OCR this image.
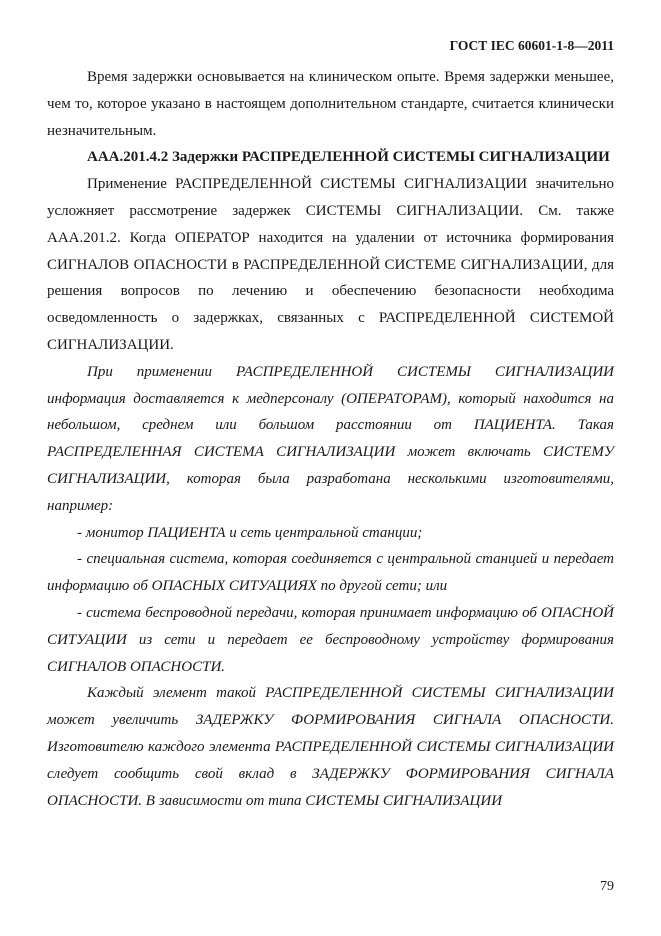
ГОСТ IEC 60601-1-8—2011

Время задержки основывается на клиническом опыте. Время задержки меньшее, чем то, которое указано в настоящем дополнительном стандарте, считается клинически незначительным.

ААА.201.4.2 Задержки РАСПРЕДЕЛЕННОЙ СИСТЕМЫ СИГНАЛИЗАЦИИ

Применение РАСПРЕДЕЛЕННОЙ СИСТЕМЫ СИГНАЛИЗАЦИИ значительно усложняет рассмотрение задержек СИСТЕМЫ СИГНАЛИЗАЦИИ. См. также ААА.201.2. Когда ОПЕРАТОР находится на удалении от источника формирования СИГНАЛОВ ОПАСНОСТИ в РАСПРЕДЕЛЕННОЙ СИСТЕМЕ СИГНАЛИЗАЦИИ, для решения вопросов по лечению и обеспечению безопасности необходима осведомленность о задержках, связанных с РАСПРЕДЕЛЕННОЙ СИСТЕМОЙ СИГНАЛИЗАЦИИ.

При применении РАСПРЕДЕЛЕННОЙ СИСТЕМЫ СИГНАЛИЗАЦИИ информация доставляется к медперсоналу (ОПЕРАТОРАМ), который находится на небольшом, среднем или большом расстоянии от ПАЦИЕНТА. Такая РАСПРЕДЕЛЕННАЯ СИСТЕМА СИГНАЛИЗАЦИИ может включать СИСТЕМУ СИГНАЛИЗАЦИИ, которая была разработана несколькими изготовителями, например:

- монитор ПАЦИЕНТА и сеть центральной станции;

- специальная система, которая соединяется с центральной станцией и передает информацию об ОПАСНЫХ СИТУАЦИЯХ по другой сети; или

- система беспроводной передачи, которая принимает информацию об ОПАСНОЙ СИТУАЦИИ из сети и передает ее беспроводному устройству формирования СИГНАЛОВ ОПАСНОСТИ.

Каждый элемент такой РАСПРЕДЕЛЕННОЙ СИСТЕМЫ СИГНАЛИЗАЦИИ может увеличить ЗАДЕРЖКУ ФОРМИРОВАНИЯ СИГНАЛА ОПАСНОСТИ. Изготовителю каждого элемента РАСПРЕДЕЛЕННОЙ СИСТЕМЫ СИГНАЛИЗАЦИИ следует сообщить свой вклад в ЗАДЕРЖКУ ФОРМИРОВАНИЯ СИГНАЛА ОПАСНОСТИ. В зависимости от типа СИСТЕМЫ СИГНАЛИЗАЦИИ

79
